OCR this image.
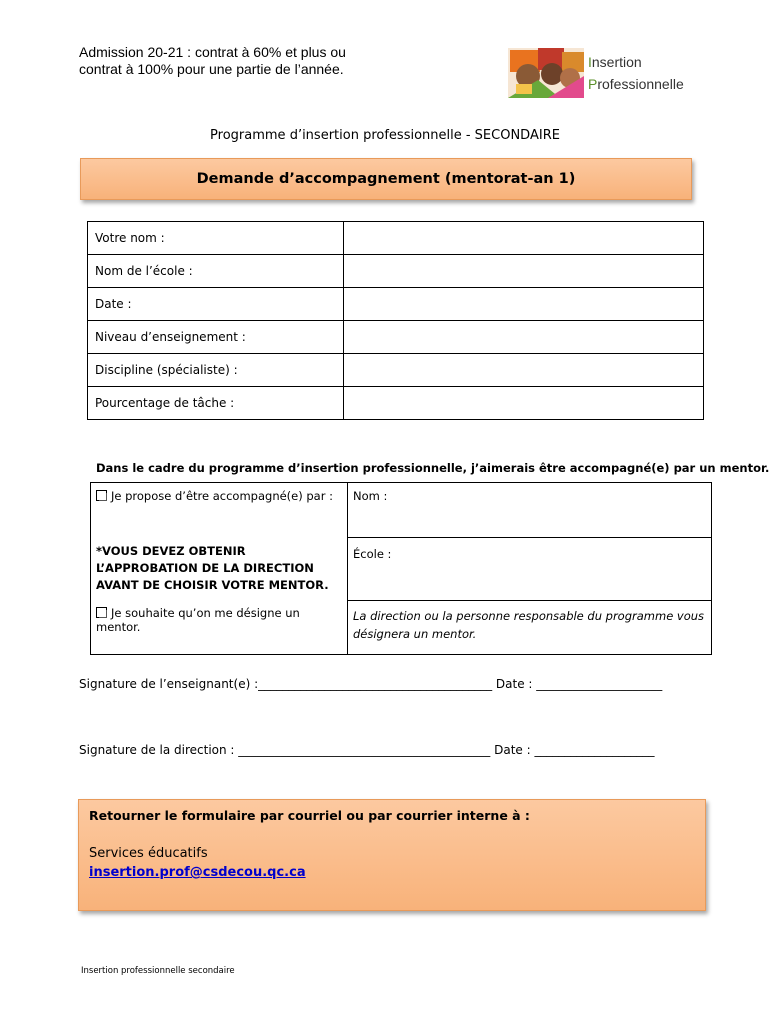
Admission 20-21 : contrat à 60% et plus ou
contrat à 100% pour une partie de l’année.	Insertion
Professionnelle
Programme d’insertion professionnelle - SECONDAIRE
Demande d’accompagnement (mentorat-an 1)
Votre nom :	
Nom de l’école :	
Date :	
Niveau d’enseignement :	
Discipline (spécialiste) :	
Pourcentage de tâche :	
Dans le cadre du programme d’insertion professionnelle, j’aimerais être accompagné(e) par un mentor.
Je propose d’être accompagné(e) par :	Nom :

*VOUS DEVEZ OBTENIR L’APPROBATION DE LA DIRECTION AVANT DE CHOISIR VOTRE MENTOR.	École :
Je souhaite qu’on me désigne un mentor.	La direction ou la personne responsable du programme vous désignera un mentor.
Signature de l’enseignant(e) :_______________________________________ Date : _____________________
Signature de la direction : __________________________________________ Date : ____________________
Retourner le formulaire par courriel ou par courrier interne à :
Services éducatifs
insertion.prof@csdecou.qc.ca
Insertion professionnelle secondaire
